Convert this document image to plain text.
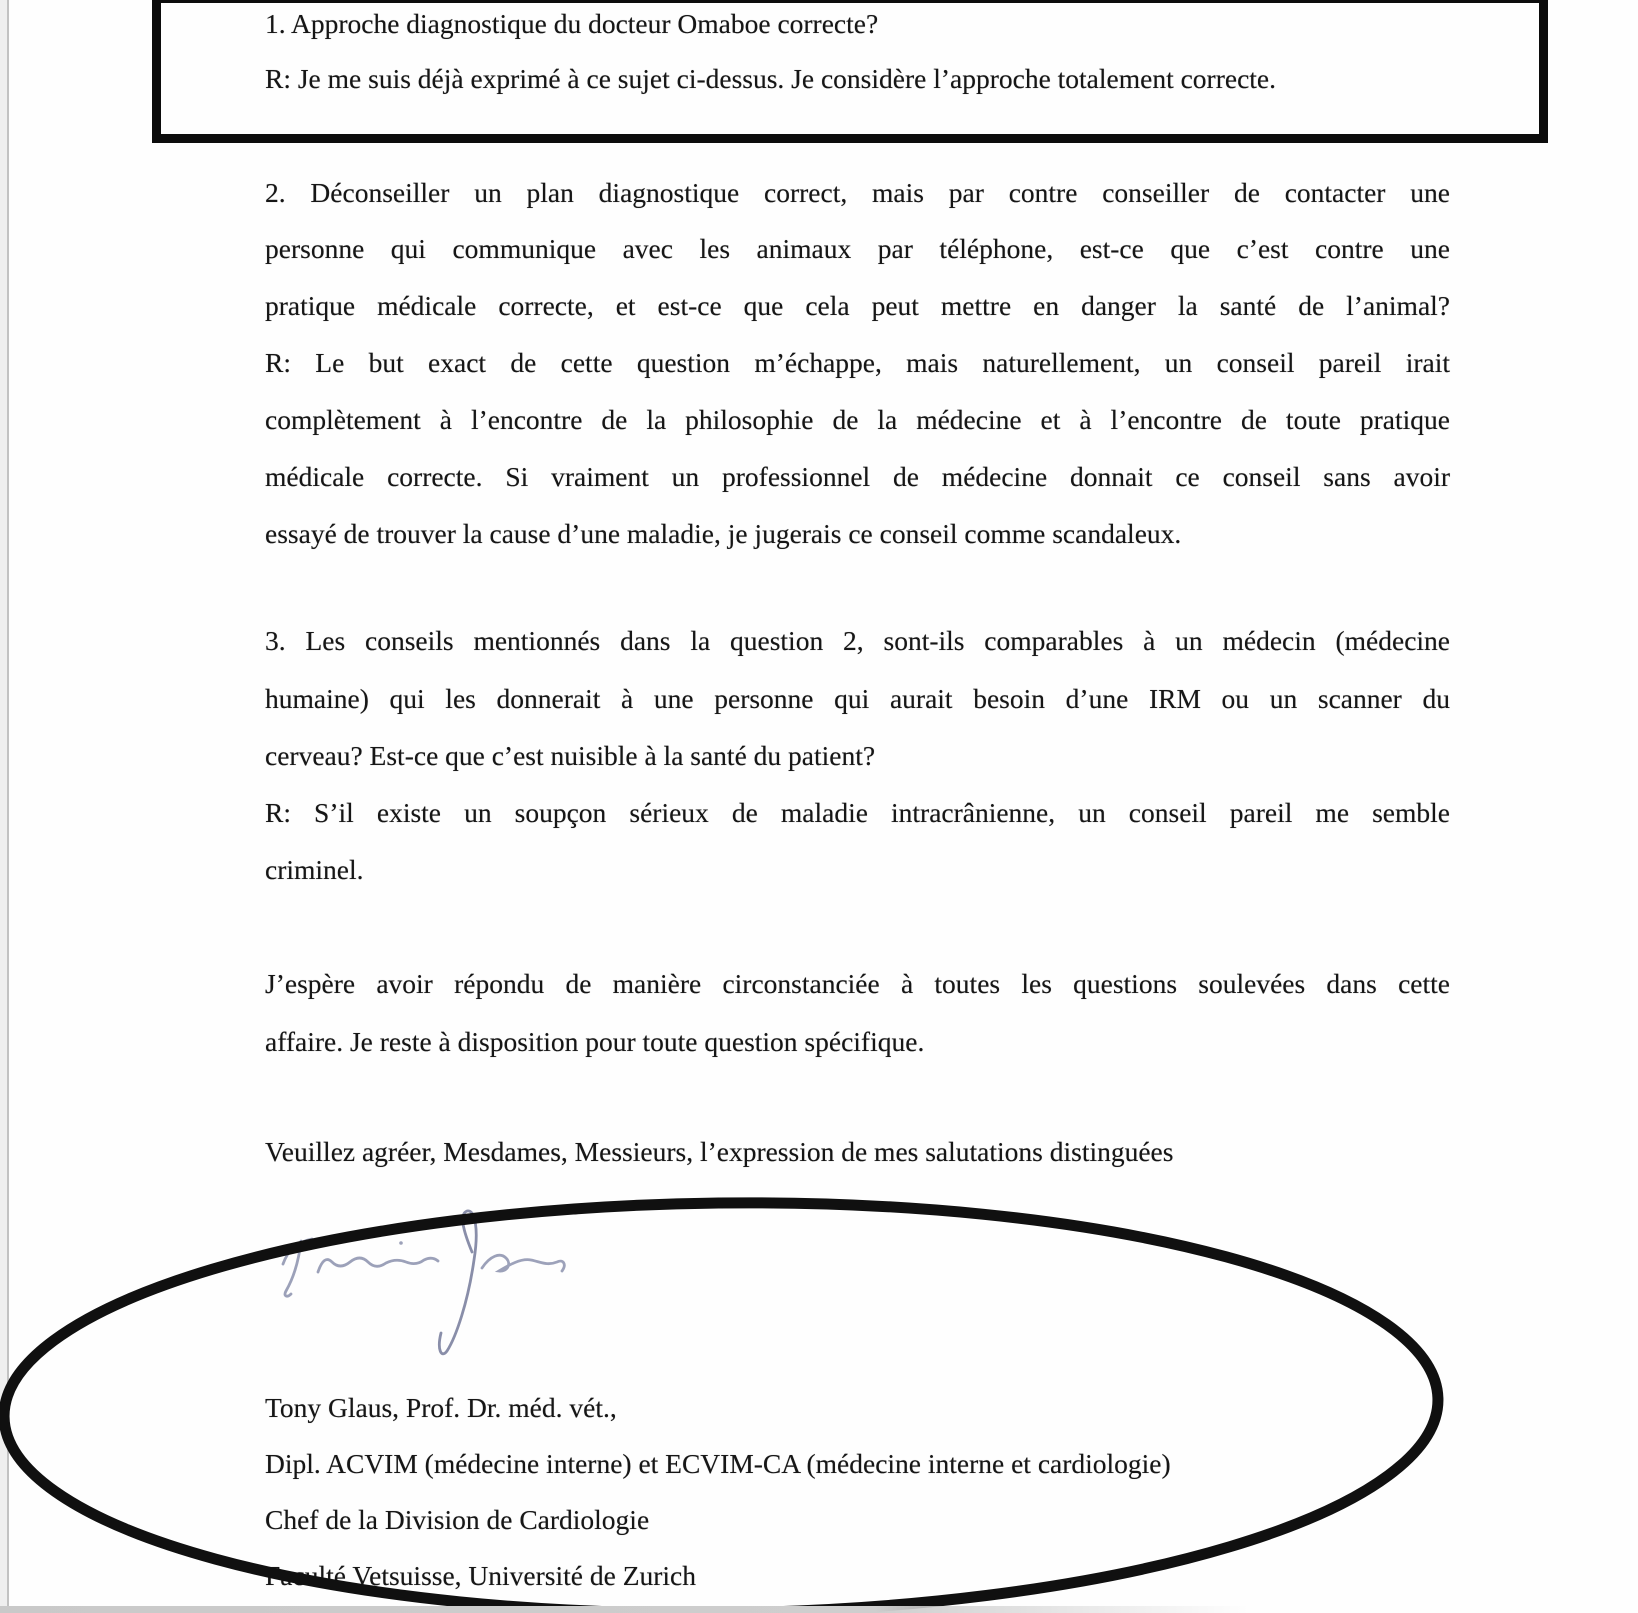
1. Approche diagnostique du docteur Omaboe correcte?
R: Je me suis déjà exprimé à ce sujet ci-dessus. Je considère l’approche totalement correcte.
2. Déconseiller un plan diagnostique correct, mais par contre conseiller de contacter une
personne qui communique avec les animaux par téléphone, est-ce que c’est contre une
pratique médicale correcte, et est-ce que cela peut mettre en danger la santé de l’animal?
R: Le but exact de cette question m’échappe, mais naturellement, un conseil pareil irait
complètement à l’encontre de la philosophie de la médecine et à l’encontre de toute pratique
médicale correcte. Si vraiment un professionnel de médecine donnait ce conseil sans avoir
essayé de trouver la cause d’une maladie, je jugerais ce conseil comme scandaleux.
3. Les conseils mentionnés dans la question 2, sont-ils comparables à un médecin (médecine
humaine) qui les donnerait à une personne qui aurait besoin d’une IRM ou un scanner du
cerveau? Est-ce que c’est nuisible à la santé du patient?
R: S’il existe un soupçon sérieux de maladie intracrânienne, un conseil pareil me semble
criminel.
J’espère avoir répondu de manière circonstanciée à toutes les questions soulevées dans cette
affaire. Je reste à disposition pour toute question spécifique.
Veuillez agréer, Mesdames, Messieurs, l’expression de mes salutations distinguées
Tony Glaus, Prof. Dr. méd. vét.,
Dipl. ACVIM (médecine interne) et ECVIM-CA (médecine interne et cardiologie)
Chef de la Division de Cardiologie
Faculté Vetsuisse, Université de Zurich
